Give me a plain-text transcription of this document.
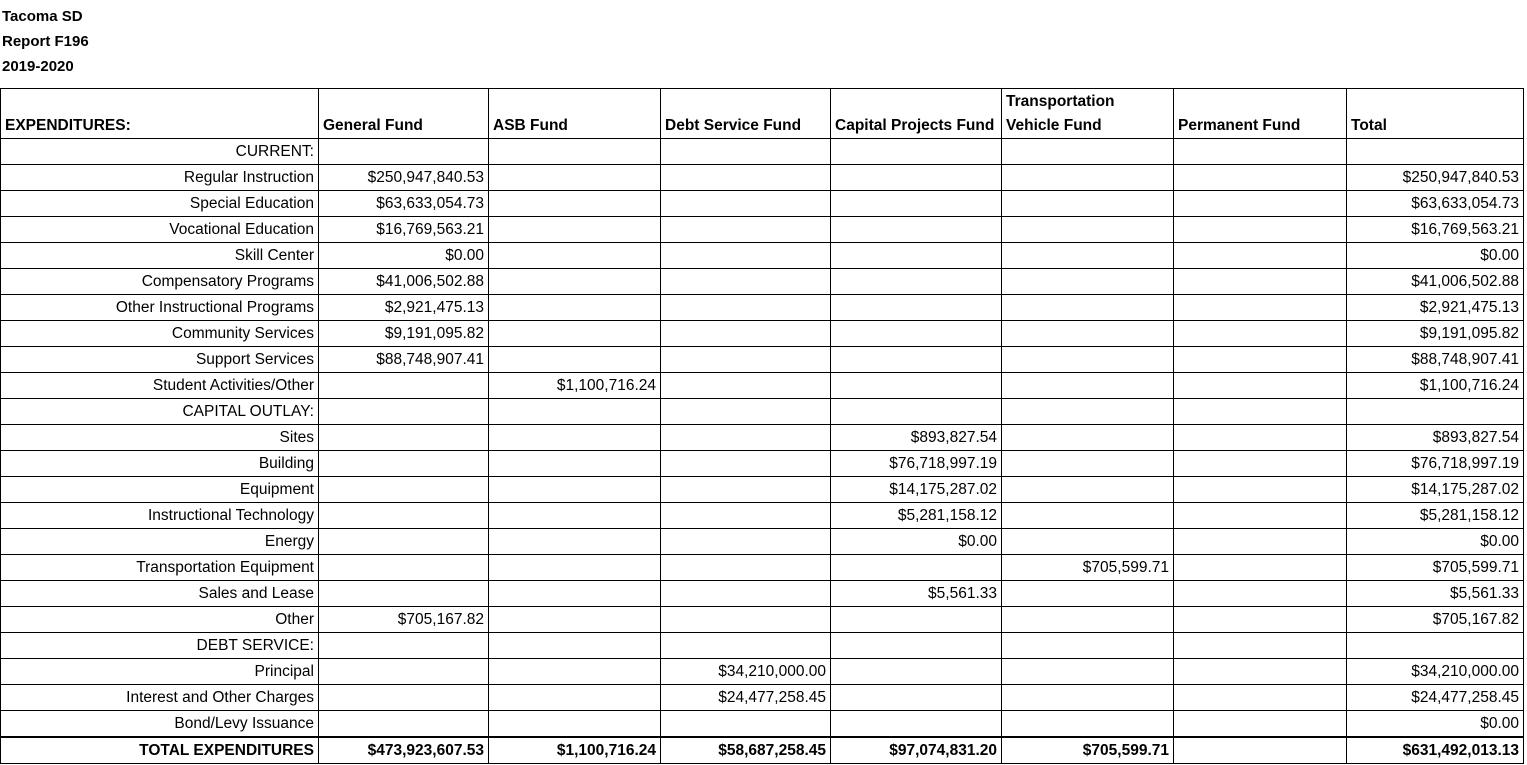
Tacoma SD
Report F196
2019-2020
EXPENDITURES:	General Fund	ASB Fund	Debt Service Fund	Capital Projects Fund	Transportation Vehicle Fund	Permanent Fund	Total
CURRENT:							
Regular Instruction	$250,947,840.53						$250,947,840.53
Special Education	$63,633,054.73						$63,633,054.73
Vocational Education	$16,769,563.21						$16,769,563.21
Skill Center	$0.00						$0.00
Compensatory Programs	$41,006,502.88						$41,006,502.88
Other Instructional Programs	$2,921,475.13						$2,921,475.13
Community Services	$9,191,095.82						$9,191,095.82
Support Services	$88,748,907.41						$88,748,907.41
Student Activities/Other		$1,100,716.24					$1,100,716.24
CAPITAL OUTLAY:							
Sites				$893,827.54			$893,827.54
Building				$76,718,997.19			$76,718,997.19
Equipment				$14,175,287.02			$14,175,287.02
Instructional Technology				$5,281,158.12			$5,281,158.12
Energy				$0.00			$0.00
Transportation Equipment					$705,599.71		$705,599.71
Sales and Lease				$5,561.33			$5,561.33
Other	$705,167.82						$705,167.82
DEBT SERVICE:							
Principal			$34,210,000.00				$34,210,000.00
Interest and Other Charges			$24,477,258.45				$24,477,258.45
Bond/Levy Issuance							$0.00
TOTAL EXPENDITURES	$473,923,607.53	$1,100,716.24	$58,687,258.45	$97,074,831.20	$705,599.71		$631,492,013.13
